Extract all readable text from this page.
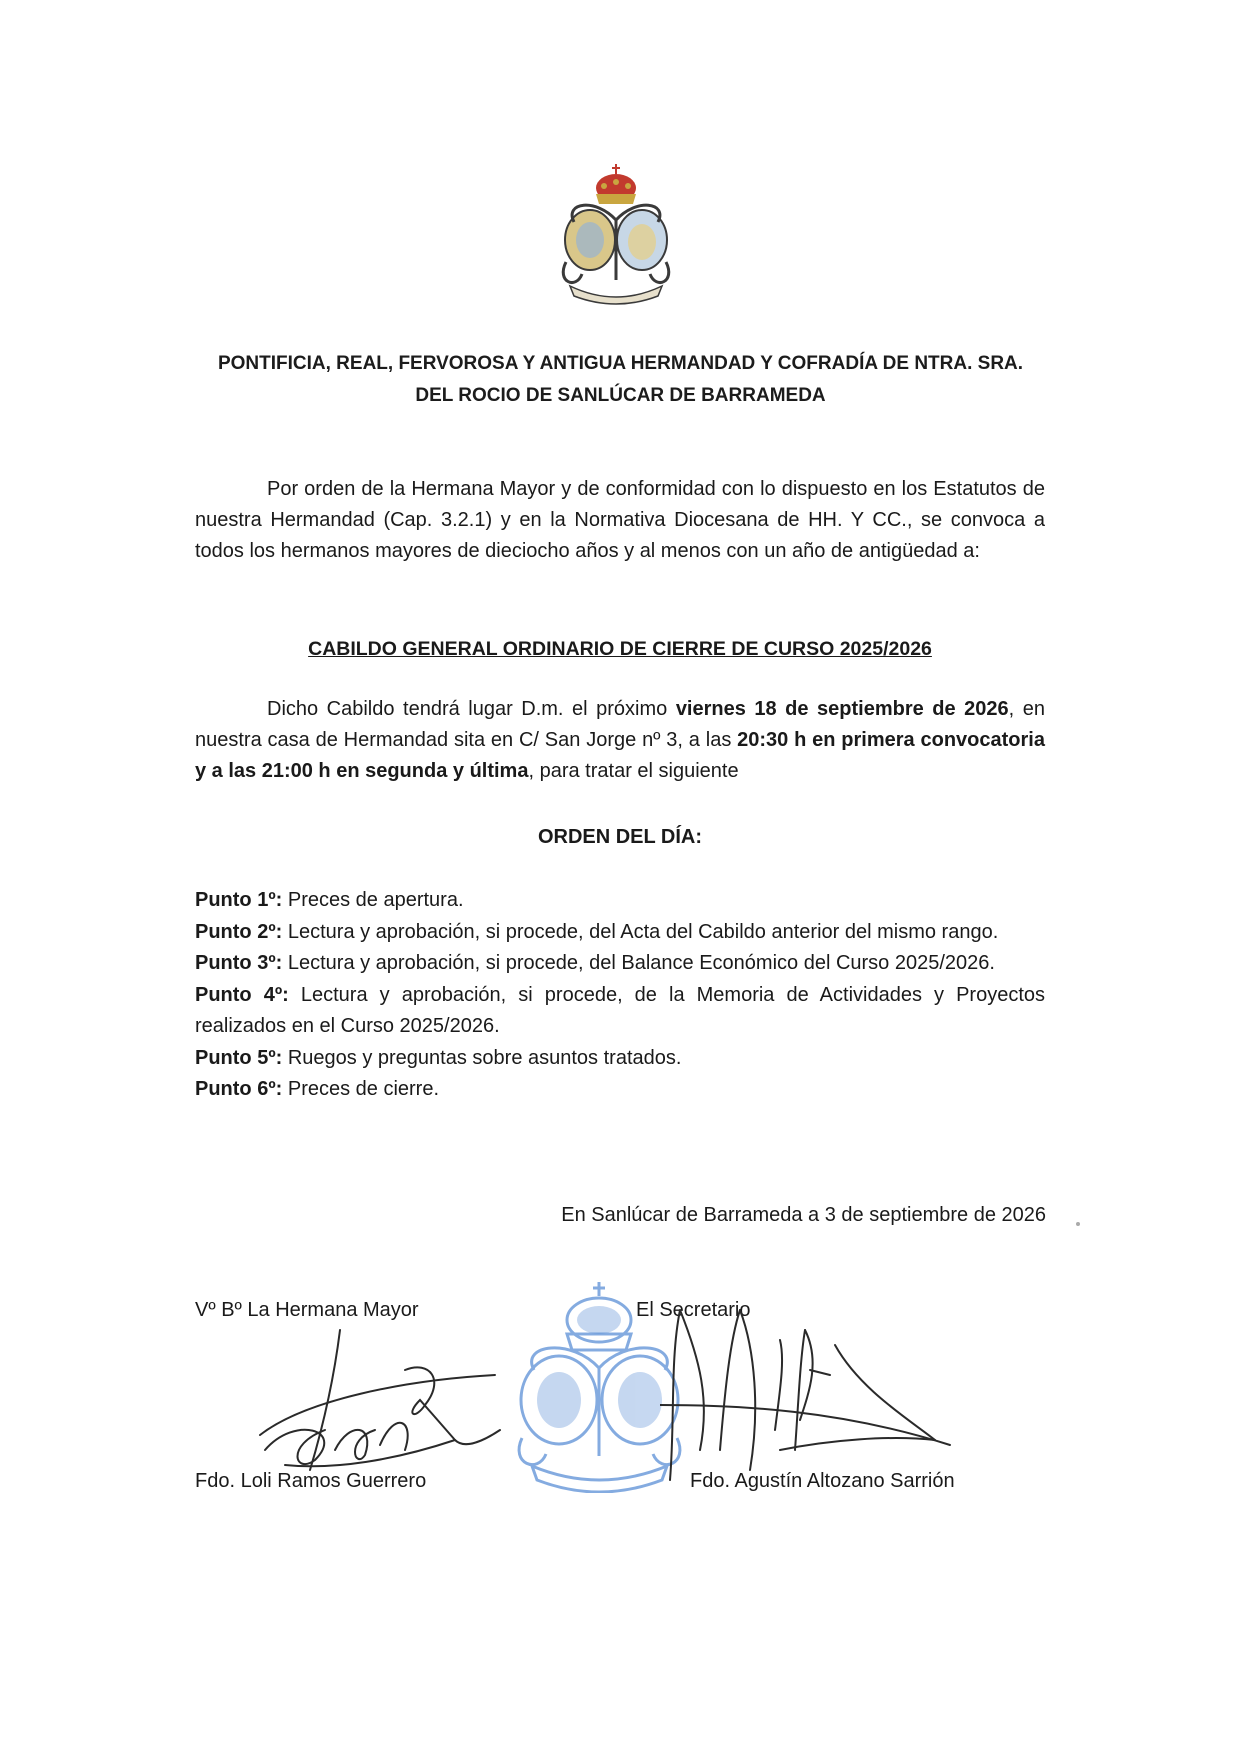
PONTIFICIA, REAL, FERVOROSA Y ANTIGUA HERMANDAD Y COFRADÍA DE NTRA. SRA.
DEL ROCIO DE SANLÚCAR DE BARRAMEDA
Por orden de la Hermana Mayor y de conformidad con lo dispuesto en los Estatutos de nuestra Hermandad (Cap. 3.2.1) y en la Normativa Diocesana de HH. Y CC., se convoca a todos los hermanos mayores de dieciocho años y al menos con un año de antigüedad a:
CABILDO GENERAL ORDINARIO DE CIERRE DE CURSO 2025/2026
Dicho Cabildo tendrá lugar D.m. el próximo viernes 18 de septiembre de 2026, en nuestra casa de Hermandad sita en C/ San Jorge nº 3, a las 20:30 h en primera convocatoria y a las 21:00 h en segunda y última, para tratar el siguiente
ORDEN DEL DÍA:
Punto 1º: Preces de apertura.
Punto 2º: Lectura y aprobación, si procede, del Acta del Cabildo anterior del mismo rango.
Punto 3º: Lectura y aprobación, si procede, del Balance Económico del Curso 2025/2026.
Punto 4º: Lectura y aprobación, si procede, de la Memoria de Actividades y Proyectos realizados en el Curso 2025/2026.
Punto 5º: Ruegos y preguntas sobre asuntos tratados.
Punto 6º: Preces de cierre.
En Sanlúcar de Barrameda a 3 de septiembre de 2026
Vº Bº La Hermana Mayor	El Secretario
Fdo. Loli Ramos Guerrero	Fdo. Agustín Altozano Sarrión
